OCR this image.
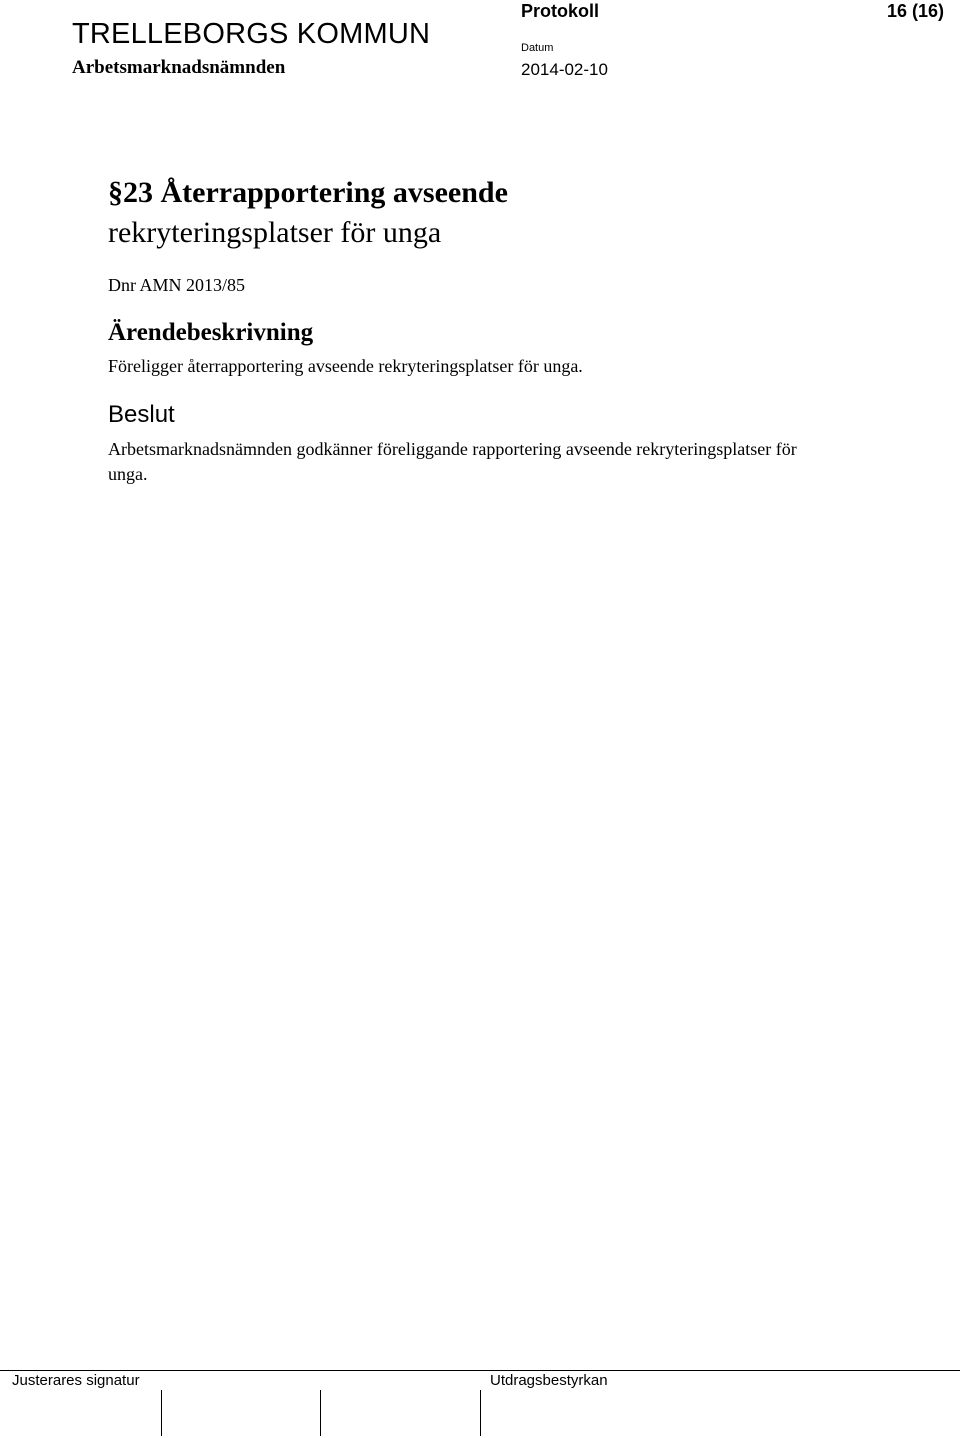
TRELLEBORGS KOMMUN
Arbetsmarknadsnämnden
Protokoll	16 (16)
Datum
2014-02-10
§23 Återrapportering avseende
rekryteringsplatser för unga
Dnr AMN 2013/85
Ärendebeskrivning
Föreligger återrapportering avseende rekryteringsplatser för unga.
Beslut
Arbetsmarknadsnämnden godkänner föreliggande rapportering avseende rekryteringsplatser för unga.
Justerares signatur	Utdragsbestyrkan
